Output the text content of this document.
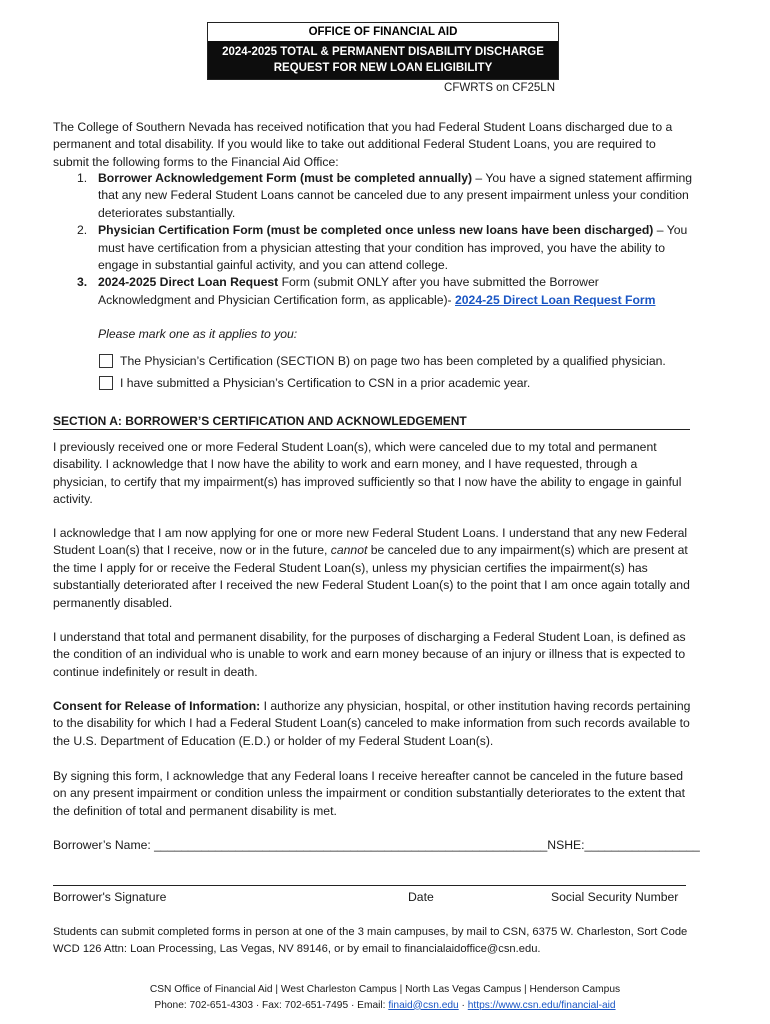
OFFICE OF FINANCIAL AID
2024-2025 TOTAL & PERMANENT DISABILITY DISCHARGE
REQUEST FOR NEW LOAN ELIGIBILITY
CFWRTS on CF25LN
The College of Southern Nevada has received notification that you had Federal Student Loans discharged due to a permanent and total disability. If you would like to take out additional Federal Student Loans, you are required to submit the following forms to the Financial Aid Office:
1. Borrower Acknowledgement Form (must be completed annually) – You have a signed statement affirming that any new Federal Student Loans cannot be canceled due to any present impairment unless your condition deteriorates substantially.
2. Physician Certification Form (must be completed once unless new loans have been discharged) – You must have certification from a physician attesting that your condition has improved, you have the ability to engage in substantial gainful activity, and you can attend college.
3. 2024-2025 Direct Loan Request Form (submit ONLY after you have submitted the Borrower Acknowledgment and Physician Certification form, as applicable)- 2024-25 Direct Loan Request Form
Please mark one as it applies to you:
The Physician’s Certification (SECTION B) on page two has been completed by a qualified physician.
I have submitted a Physician’s Certification to CSN in a prior academic year.
SECTION A: BORROWER’S CERTIFICATION AND ACKNOWLEDGEMENT
I previously received one or more Federal Student Loan(s), which were canceled due to my total and permanent disability. I acknowledge that I now have the ability to work and earn money, and I have requested, through a physician, to certify that my impairment(s) has improved sufficiently so that I now have the ability to engage in gainful activity.
I acknowledge that I am now applying for one or more new Federal Student Loans. I understand that any new Federal Student Loan(s) that I receive, now or in the future, cannot be canceled due to any impairment(s) which are present at the time I apply for or receive the Federal Student Loan(s), unless my physician certifies the impairment(s) has substantially deteriorated after I received the new Federal Student Loan(s) to the point that I am once again totally and permanently disabled.
I understand that total and permanent disability, for the purposes of discharging a Federal Student Loan, is defined as the condition of an individual who is unable to work and earn money because of an injury or illness that is expected to continue indefinitely or result in death.
Consent for Release of Information: I authorize any physician, hospital, or other institution having records pertaining to the disability for which I had a Federal Student Loan(s) canceled to make information from such records available to the U.S. Department of Education (E.D.) or holder of my Federal Student Loan(s).
By signing this form, I acknowledge that any Federal loans I receive hereafter cannot be canceled in the future based on any present impairment or condition unless the impairment or condition substantially deteriorates to the extent that the definition of total and permanent disability is met.
Borrower’s Name: __________________________________________________________NSHE:_________________
Borrower's Signature	Date	Social Security Number
Students can submit completed forms in person at one of the 3 main campuses, by mail to CSN, 6375 W. Charleston, Sort Code WCD 126 Attn: Loan Processing, Las Vegas, NV 89146, or by email to financialaidoffice@csn.edu.
CSN Office of Financial Aid | West Charleston Campus | North Las Vegas Campus | Henderson Campus
Phone: 702-651-4303 · Fax: 702-651-7495 · Email: finaid@csn.edu · https://www.csn.edu/financial-aid
